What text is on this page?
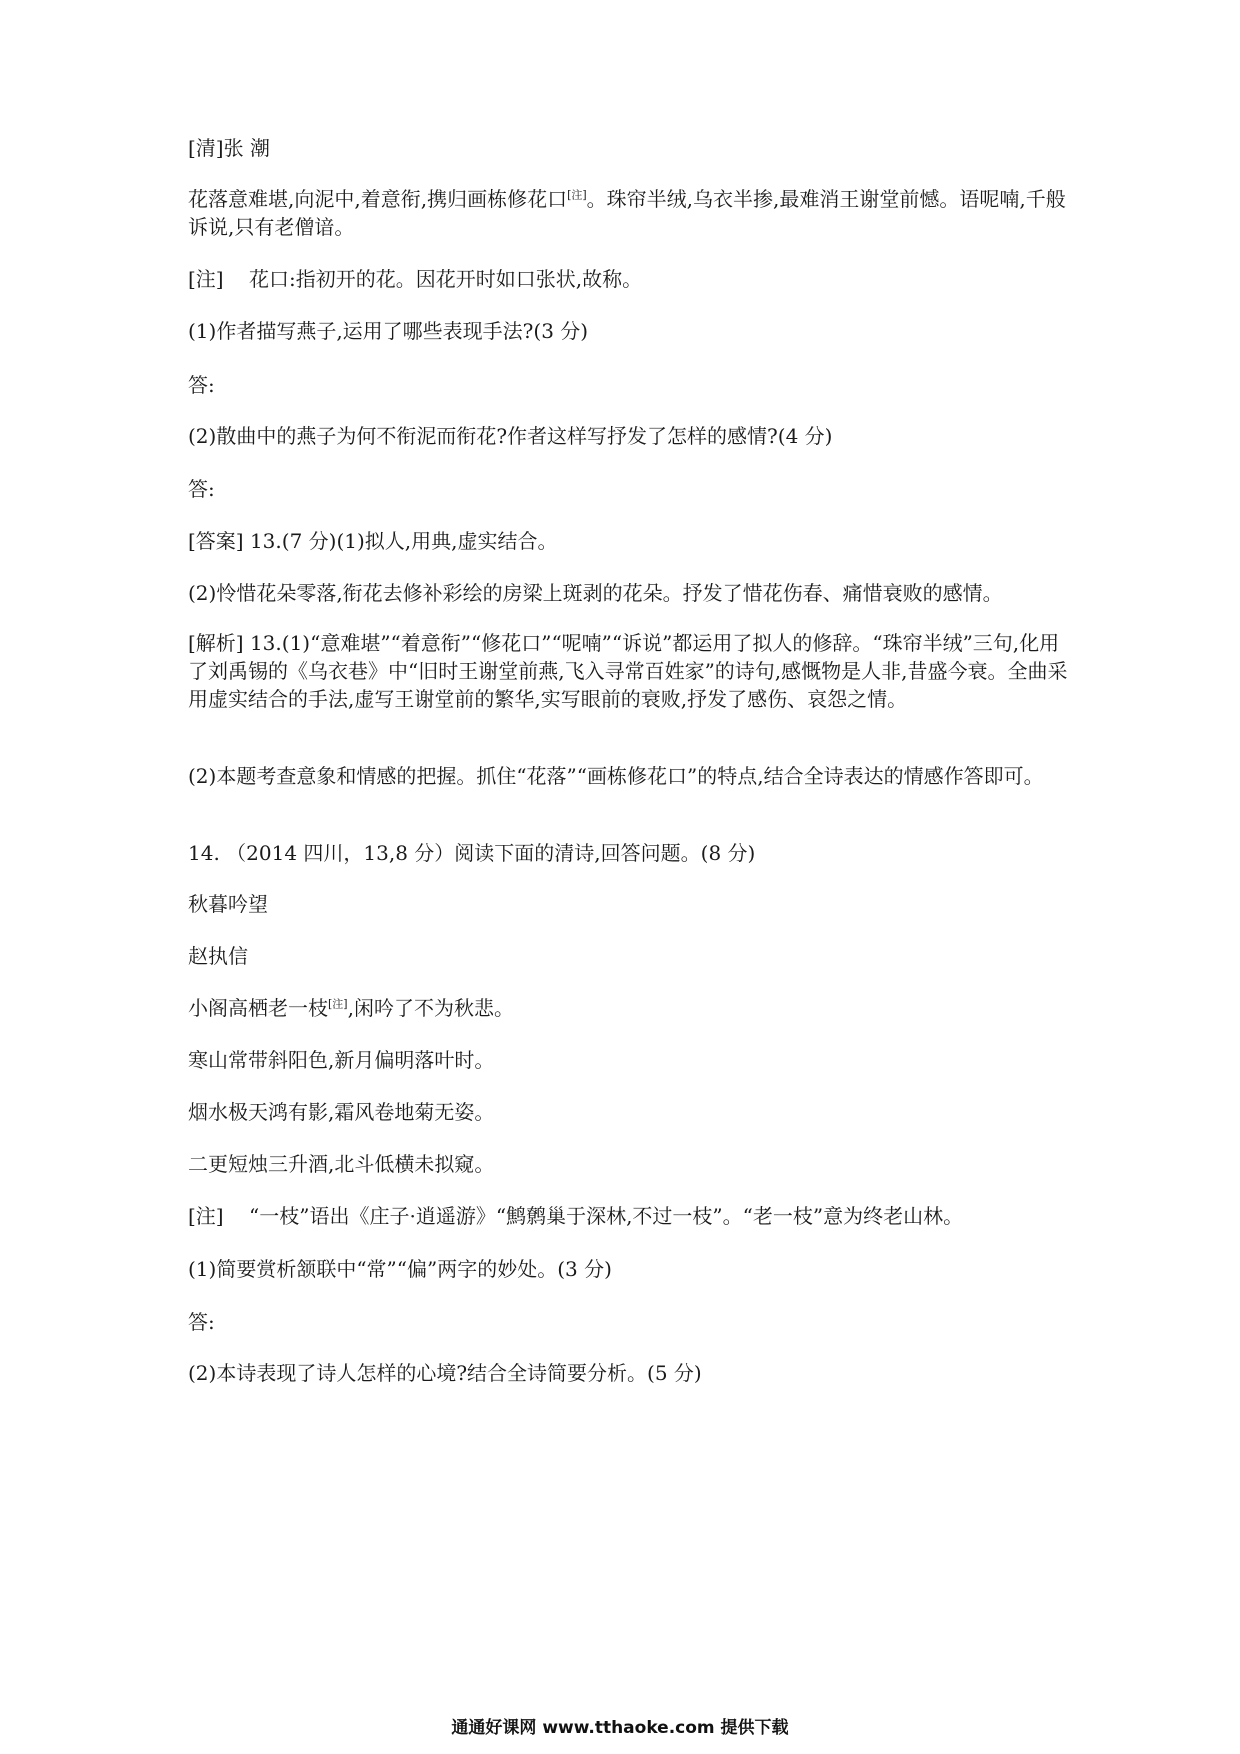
[清]张 潮

花落意难堪,向泥中,着意衔,携归画栋修花口[注]。珠帘半绒,乌衣半掺,最难消王谢堂前憾。语呢喃,千般诉说,只有老僧谙。

[注] 花口:指初开的花。因花开时如口张状,故称。

(1)作者描写燕子,运用了哪些表现手法?(3 分)

答:

(2)散曲中的燕子为何不衔泥而衔花?作者这样写抒发了怎样的感情?(4 分)

答:

[答案] 13.(7 分)(1)拟人,用典,虚实结合。

(2)怜惜花朵零落,衔花去修补彩绘的房梁上斑剥的花朵。抒发了惜花伤春、痛惜衰败的感情。

[解析] 13.(1)“意难堪”“着意衔”“修花口”“呢喃”“诉说”都运用了拟人的修辞。“珠帘半绒”三句,化用了刘禹锡的《乌衣巷》中“旧时王谢堂前燕,飞入寻常百姓家”的诗句,感慨物是人非,昔盛今衰。全曲采用虚实结合的手法,虚写王谢堂前的繁华,实写眼前的衰败,抒发了感伤、哀怨之情。

(2)本题考查意象和情感的把握。抓住“花落”“画栋修花口”的特点,结合全诗表达的情感作答即可。

14. （2014 四川，13,8 分）阅读下面的清诗,回答问题。(8 分)

秋暮吟望

赵执信

小阁高栖老一枝[注],闲吟了不为秋悲。

寒山常带斜阳色,新月偏明落叶时。

烟水极天鸿有影,霜风卷地菊无姿。

二更短烛三升酒,北斗低横未拟窥。

[注] “一枝”语出《庄子·逍遥游》“鹪鹩巢于深林,不过一枝”。“老一枝”意为终老山林。

(1)简要赏析颔联中“常”“偏”两字的妙处。(3 分)

答:

(2)本诗表现了诗人怎样的心境?结合全诗简要分析。(5 分)

通通好课网 www.tthaoke.com 提供下载
